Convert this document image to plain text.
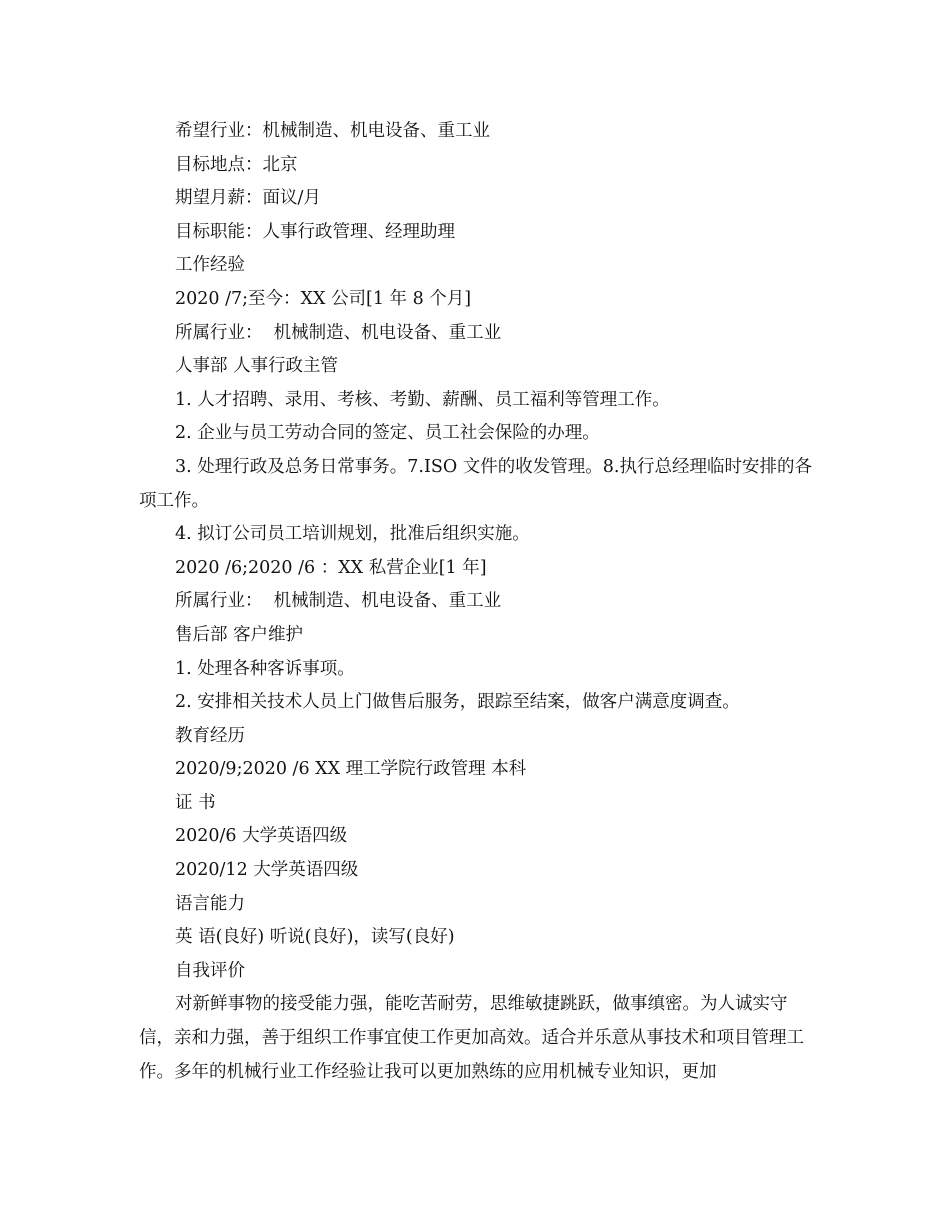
希望行业：机械制造、机电设备、重工业
目标地点：北京
期望月薪：面议/月
目标职能：人事行政管理、经理助理
工作经验
2020 /7;至今：XX 公司[1 年 8 个月]
所属行业：  机械制造、机电设备、重工业
人事部 人事行政主管
1. 人才招聘、录用、考核、考勤、薪酬、员工福利等管理工作。
2. 企业与员工劳动合同的签定、员工社会保险的办理。
3. 处理行政及总务日常事务。7.ISO 文件的收发管理。8.执行总经理临时安排的各项工作。
4. 拟订公司员工培训规划，批准后组织实施。
2020 /6;2020 /6 ：XX 私营企业[1 年]
所属行业：  机械制造、机电设备、重工业
售后部 客户维护
1. 处理各种客诉事项。
2. 安排相关技术人员上门做售后服务，跟踪至结案，做客户满意度调查。
教育经历
2020/9;2020 /6 XX 理工学院行政管理 本科
证 书
2020/6 大学英语四级
2020/12 大学英语四级
语言能力
英 语(良好) 听说(良好)，读写(良好)
自我评价
对新鲜事物的接受能力强，能吃苦耐劳，思维敏捷跳跃，做事缜密。为人诚实守信，亲和力强，善于组织工作事宜使工作更加高效。适合并乐意从事技术和项目管理工作。多年的机械行业工作经验让我可以更加熟练的应用机械专业知识，更加
